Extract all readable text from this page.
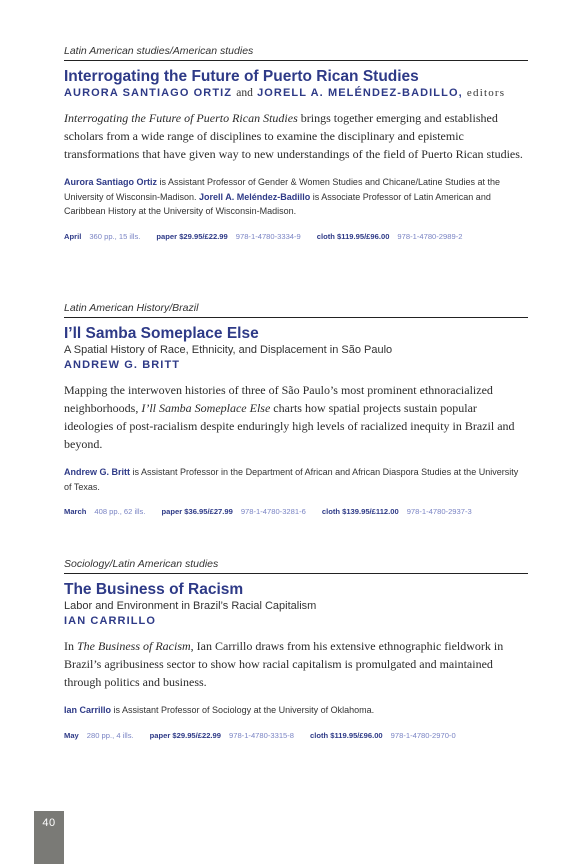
Latin American studies/American studies
Interrogating the Future of Puerto Rican Studies
AURORA SANTIAGO ORTIZ and JORELL A. MELÉNDEZ-BADILLO, editors

Interrogating the Future of Puerto Rican Studies brings together emerging and established scholars from a wide range of disciplines to examine the disciplinary and epistemic transformations that have given way to new understandings of the field of Puerto Rican studies.

Aurora Santiago Ortiz is Assistant Professor of Gender & Women Studies and Chicane/Latine Studies at the University of Wisconsin-Madison. Jorell A. Meléndez-Badillo is Associate Professor of Latin American and Caribbean History at the University of Wisconsin-Madison.

April 360 pp., 15 ills. paper $29.95/£22.99 978-1-4780-3334-9 cloth $119.95/£96.00 978-1-4780-2989-2
Latin American History/Brazil
I’ll Samba Someplace Else
A Spatial History of Race, Ethnicity, and Displacement in São Paulo
ANDREW G. BRITT

Mapping the interwoven histories of three of São Paulo’s most prominent ethnoracialized neighborhoods, I’ll Samba Someplace Else charts how spatial projects sustain popular ideologies of post-racialism despite enduringly high levels of racialized inequity in Brazil and beyond.

Andrew G. Britt is Assistant Professor in the Department of African and African Diaspora Studies at the University of Texas.

March 408 pp., 62 ills. paper $36.95/£27.99 978-1-4780-3281-6 cloth $139.95/£112.00 978-1-4780-2937-3
Sociology/Latin American studies
The Business of Racism
Labor and Environment in Brazil’s Racial Capitalism
IAN CARRILLO

In The Business of Racism, Ian Carrillo draws from his extensive ethnographic fieldwork in Brazil’s agribusiness sector to show how racial capitalism is promulgated and maintained through politics and business.

Ian Carrillo is Assistant Professor of Sociology at the University of Oklahoma.

May 280 pp., 4 ills. paper $29.95/£22.99 978-1-4780-3315-8 cloth $119.95/£96.00 978-1-4780-2970-0
40
